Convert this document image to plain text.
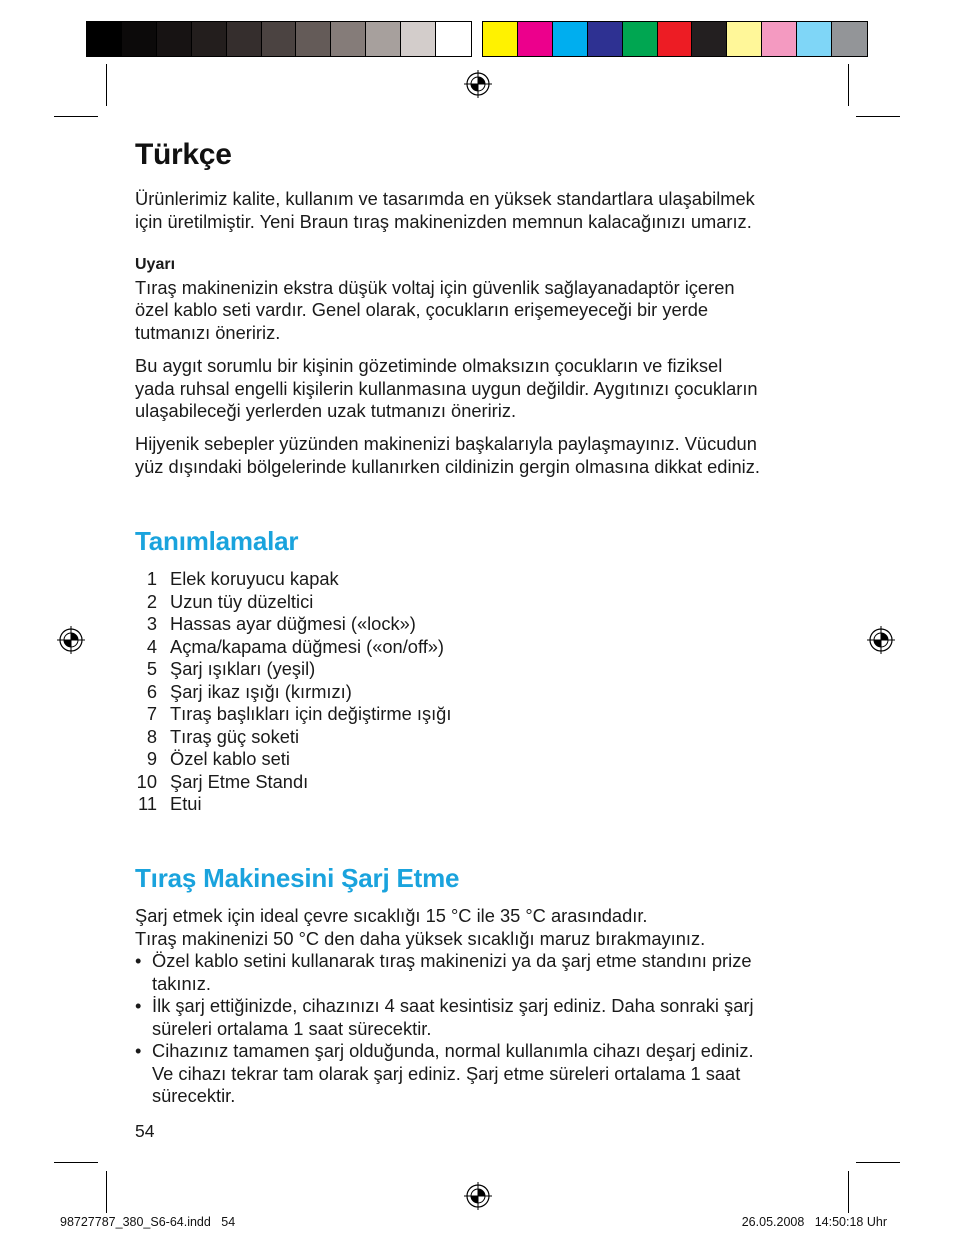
Türkçe

Ürünlerimiz kalite, kullanım ve tasarımda en yüksek standartlara ulaşabilmek
için üretilmiştir. Yeni Braun tıraş makinenizden memnun kalacağınızı umarız.

Uyarı
Tıraş makinenizin ekstra düşük voltaj için güvenlik sağlayanadaptör içeren
özel kablo seti vardır. Genel olarak, çocukların erişemeyeceği bir yerde
tutmanızı öneririz.

Bu aygıt sorumlu bir kişinin gözetiminde olmaksızın çocukların ve fiziksel
yada ruhsal engelli kişilerin kullanmasına uygun değildir. Aygıtınızı çocukların
ulaşabileceği yerlerden uzak tutmanızı öneririz.

Hijyenik sebepler yüzünden makinenizi başkalarıyla paylaşmayınız. Vücudun
yüz dışındaki bölgelerinde kullanırken cildinizin gergin olmasına dikkat ediniz.

Tanımlamalar
1 Elek koruyucu kapak
2 Uzun tüy düzeltici
3 Hassas ayar düğmesi («lock»)
4 Açma/kapama düğmesi («on/off»)
5 Şarj ışıkları (yeşil)
6 Şarj ikaz ışığı (kırmızı)
7 Tıraş başlıkları için değiştirme ışığı
8 Tıraş güç soketi
9 Özel kablo seti
10 Şarj Etme Standı
11 Etui
Tıraş Makinesini Şarj Etme

Şarj etmek için ideal çevre sıcaklığı 15 °C ile 35 °C arasındadır.
Tıraş makinenizi 50 °C den daha yüksek sıcaklığı maruz bırakmayınız.

• Özel kablo setini kullanarak tıraş makinenizi ya da şarj etme standını prize
takınız.
• İlk şarj ettiğinizde, cihazınızı 4 saat kesintisiz şarj ediniz. Daha sonraki şarj
süreleri ortalama 1 saat sürecektir.
• Cihazınız tamamen şarj olduğunda, normal kullanımla cihazı deşarj ediniz.
Ve cihazı tekrar tam olarak şarj ediniz. Şarj etme süreleri ortalama 1 saat
sürecektir.

54

98727787_380_S6-64.indd   54	26.05.2008   14:50:18 Uhr
